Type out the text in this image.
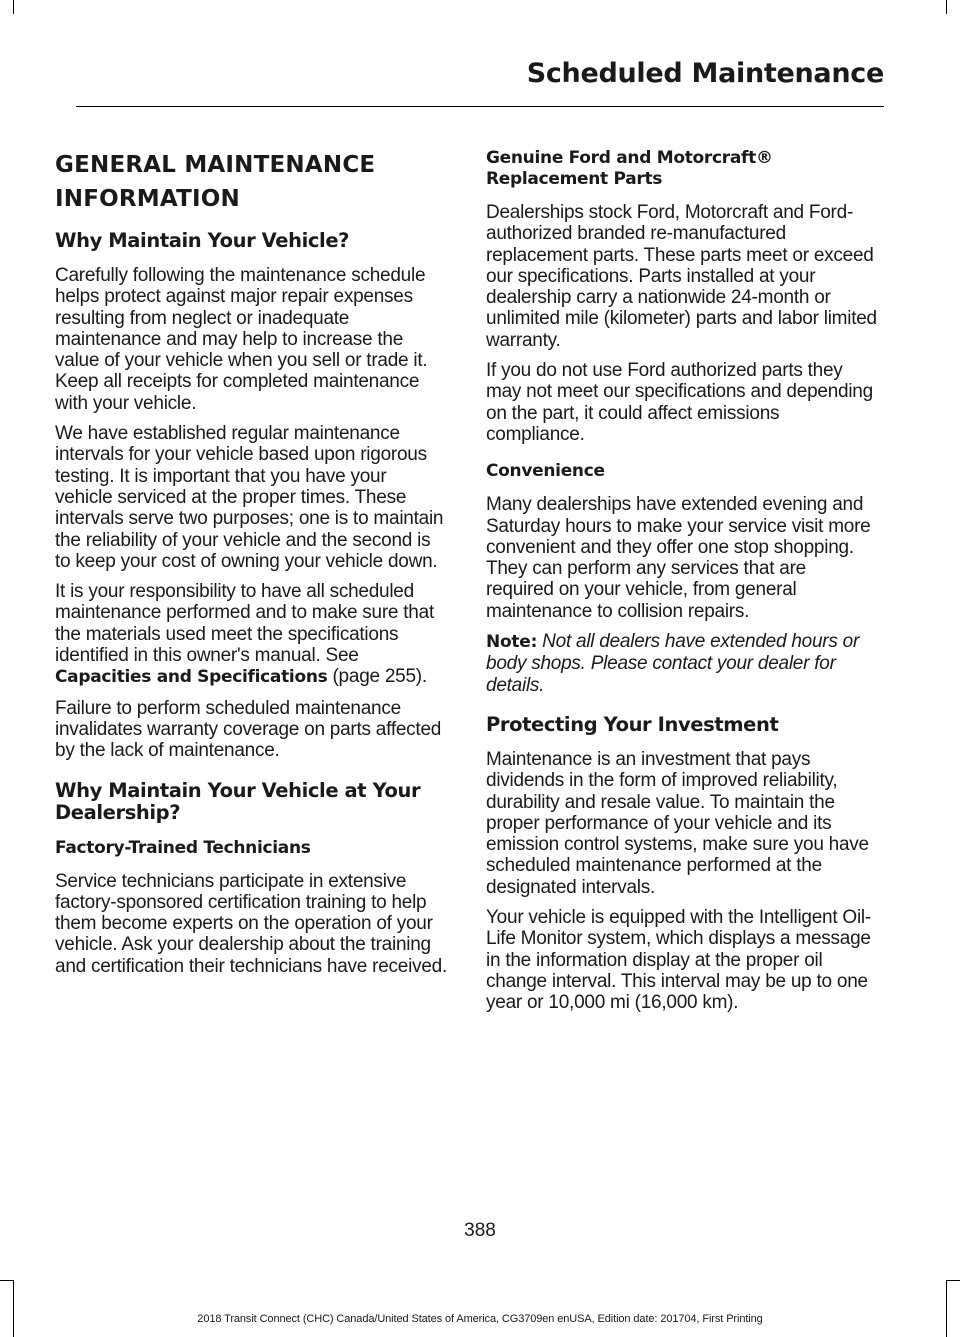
Scheduled Maintenance
GENERAL MAINTENANCE
INFORMATION
Why Maintain Your Vehicle?

Carefully following the maintenance schedule helps protect against major repair expenses resulting from neglect or inadequate maintenance and may help to increase the value of your vehicle when you sell or trade it. Keep all receipts for completed maintenance with your vehicle.

We have established regular maintenance intervals for your vehicle based upon rigorous testing. It is important that you have your vehicle serviced at the proper times. These intervals serve two purposes; one is to maintain the reliability of your vehicle and the second is to keep your cost of owning your vehicle down.

It is your responsibility to have all scheduled maintenance performed and to make sure that the materials used meet the specifications identified in this owner's manual. See Capacities and Specifications (page 255).

Failure to perform scheduled maintenance invalidates warranty coverage on parts affected by the lack of maintenance.

Why Maintain Your Vehicle at Your Dealership?
Factory-Trained Technicians

Service technicians participate in extensive factory-sponsored certification training to help them become experts on the operation of your vehicle. Ask your dealership about the training and certification their technicians have received.

Genuine Ford and Motorcraft® Replacement Parts

Dealerships stock Ford, Motorcraft and Ford-authorized branded re-manufactured replacement parts. These parts meet or exceed our specifications. Parts installed at your dealership carry a nationwide 24-month or unlimited mile (kilometer) parts and labor limited warranty.

If you do not use Ford authorized parts they may not meet our specifications and depending on the part, it could affect emissions compliance.

Convenience

Many dealerships have extended evening and Saturday hours to make your service visit more convenient and they offer one stop shopping. They can perform any services that are required on your vehicle, from general maintenance to collision repairs.

Note: Not all dealers have extended hours or body shops. Please contact your dealer for details.

Protecting Your Investment

Maintenance is an investment that pays dividends in the form of improved reliability, durability and resale value. To maintain the proper performance of your vehicle and its emission control systems, make sure you have scheduled maintenance performed at the designated intervals.

Your vehicle is equipped with the Intelligent Oil-Life Monitor system, which displays a message in the information display at the proper oil change interval. This interval may be up to one year or 10,000 mi (16,000 km).

388
2018 Transit Connect (CHC) Canada/United States of America, CG3709en enUSA, Edition date: 201704, First Printing
